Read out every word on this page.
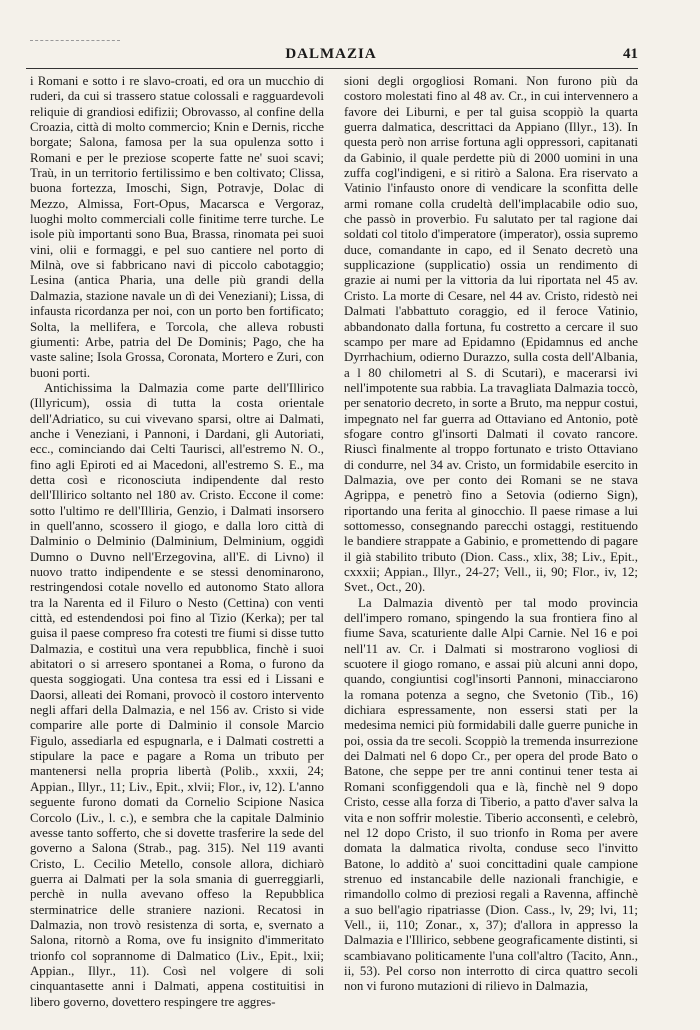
DALMAZIA	41

i Romani e sotto i re slavo-croati, ed ora un mucchio di ruderi, da cui si trassero statue colossali e ragguardevoli reliquie di grandiosi edifizii; Obrovasso, al confine della Croazia, città di molto commercio; Knin e Dernis, ricche borgate; Salona, famosa per la sua opulenza sotto i Romani e per le preziose scoperte fatte ne' suoi scavi; Traù, in un territorio fertilissimo e ben coltivato; Clissa, buona fortezza, Imoschi, Sign, Potravje, Dolac di Mezzo, Almissa, Fort-Opus, Macarsca e Vergoraz, luoghi molto commerciali colle finitime terre turche. Le isole più importanti sono Bua, Brassa, rinomata pei suoi vini, olii e formaggi, e pel suo cantiere nel porto di Milnà, ove si fabbricano navi di piccolo cabotaggio; Lesina (antica Pharia, una delle più grandi della Dalmazia, stazione navale un dì dei Veneziani); Lissa, di infausta ricordanza per noi, con un porto ben fortificato; Solta, la mellifera, e Torcola, che alleva robusti giumenti: Arbe, patria del De Dominis; Pago, che ha vaste saline; Isola Grossa, Coronata, Mortero e Zuri, con buoni porti.

Antichissima la Dalmazia come parte dell'Illirico (Illyricum), ossia di tutta la costa orientale dell'Adriatico, su cui vivevano sparsi, oltre ai Dalmati, anche i Veneziani, i Pannoni, i Dardani, gli Autoriati, ecc., cominciando dai Celti Taurisci, all'estremo N. O., fino agli Epiroti ed ai Macedoni, all'estremo S. E., ma detta così e riconosciuta indipendente dal resto dell'Illirico soltanto nel 180 av. Cristo. Eccone il come: sotto l'ultimo re dell'Illiria, Genzio, i Dalmati insorsero in quell'anno, scossero il giogo, e dalla loro città di Dalminio o Delminio (Dalminium, Delminium, oggidì Dumno o Duvno nell'Erzegovina, all'E. di Livno) il nuovo tratto indipendente e se stessi denominarono, restringendosi cotale novello ed autonomo Stato allora tra la Narenta ed il Filuro o Nesto (Cettina) con venti città, ed estendendosi poi fino al Tizio (Kerka); per tal guisa il paese compreso fra cotesti tre fiumi si disse tutto Dalmazia, e costituì una vera repubblica, finchè i suoi abitatori o si arresero spontanei a Roma, o furono da questa soggiogati. Una contesa tra essi ed i Lissani e Daorsi, alleati dei Romani, provocò il costoro intervento negli affari della Dalmazia, e nel 156 av. Cristo si vide comparire alle porte di Dalminio il console Marcio Figulo, assediarla ed espugnarla, e i Dalmati costretti a stipulare la pace e pagare a Roma un tributo per mantenersi nella propria libertà (Polib., xxxii, 24; Appian., Illyr., 11; Liv., Epit., xlvii; Flor., iv, 12). L'anno seguente furono domati da Cornelio Scipione Nasica Corcolo (Liv., l. c.), e sembra che la capitale Dalminio avesse tanto sofferto, che si dovette trasferire la sede del governo a Salona (Strab., pag. 315). Nel 119 avanti Cristo, L. Cecilio Metello, console allora, dichiarò guerra ai Dalmati per la sola smania di guerreggiarli, perchè in nulla avevano offeso la Repubblica sterminatrice delle straniere nazioni. Recatosi in Dalmazia, non trovò resistenza di sorta, e, svernato a Salona, ritornò a Roma, ove fu insignito d'immeritato trionfo col soprannome di Dalmatico (Liv., Epit., lxii; Appian., Illyr., 11). Così nel volgere di soli cinquantasette anni i Dalmati, appena costituitisi in libero governo, dovettero respingere tre aggres-

sioni degli orgogliosi Romani. Non furono più da costoro molestati fino al 48 av. Cr., in cui intervennero a favore dei Liburni, e per tal guisa scoppiò la quarta guerra dalmatica, descrittaci da Appiano (Illyr., 13). In questa però non arrise fortuna agli oppressori, capitanati da Gabinio, il quale perdette più di 2000 uomini in una zuffa cogl'indigeni, e si ritirò a Salona. Era riservato a Vatinio l'infausto onore di vendicare la sconfitta delle armi romane colla crudeltà dell'implacabile odio suo, che passò in proverbio. Fu salutato per tal ragione dai soldati col titolo d'imperatore (imperator), ossia supremo duce, comandante in capo, ed il Senato decretò una supplicazione (supplicatio) ossia un rendimento di grazie ai numi per la vittoria da lui riportata nel 45 av. Cristo. La morte di Cesare, nel 44 av. Cristo, ridestò nei Dalmati l'abbattuto coraggio, ed il feroce Vatinio, abbandonato dalla fortuna, fu costretto a cercare il suo scampo per mare ad Epidamno (Epidamnus ed anche Dyrrhachium, odierno Durazzo, sulla costa dell'Albania, a l 80 chilometri al S. di Scutari), e macerarsi ivi nell'impotente sua rabbia. La travagliata Dalmazia toccò, per senatorio decreto, in sorte a Bruto, ma neppur costui, impegnato nel far guerra ad Ottaviano ed Antonio, potè sfogare contro gl'insorti Dalmati il covato rancore. Riuscì finalmente al troppo fortunato e tristo Ottaviano di condurre, nel 34 av. Cristo, un formidabile esercito in Dalmazia, ove per conto dei Romani se ne stava Agrippa, e penetrò fino a Setovia (odierno Sign), riportando una ferita al ginocchio. Il paese rimase a lui sottomesso, consegnando parecchi ostaggi, restituendo le bandiere strappate a Gabinio, e promettendo di pagare il già stabilito tributo (Dion. Cass., xlix, 38; Liv., Epit., cxxxii; Appian., Illyr., 24-27; Vell., ii, 90; Flor., iv, 12; Svet., Oct., 20).

La Dalmazia diventò per tal modo provincia dell'impero romano, spingendo la sua frontiera fino al fiume Sava, scaturiente dalle Alpi Carnie. Nel 16 e poi nell'11 av. Cr. i Dalmati si mostrarono vogliosi di scuotere il giogo romano, e assai più alcuni anni dopo, quando, congiuntisi cogl'insorti Pannoni, minacciarono la romana potenza a segno, che Svetonio (Tib., 16) dichiara espressamente, non essersi stati per la medesima nemici più formidabili dalle guerre puniche in poi, ossia da tre secoli. Scoppiò la tremenda insurrezione dei Dalmati nel 6 dopo Cr., per opera del prode Bato o Batone, che seppe per tre anni continui tener testa ai Romani sconfiggendoli qua e là, finchè nel 9 dopo Cristo, cesse alla forza di Tiberio, a patto d'aver salva la vita e non soffrir molestie. Tiberio acconsentì, e celebrò, nel 12 dopo Cristo, il suo trionfo in Roma per avere domata la dalmatica rivolta, conduse seco l'invitto Batone, lo additò a' suoi concittadini quale campione strenuo ed instancabile delle nazionali franchigie, e rimandollo colmo di preziosi regali a Ravenna, affinchè a suo bell'agio ripatriasse (Dion. Cass., lv, 29; lvi, 11; Vell., ii, 110; Zonar., x, 37); d'allora in appresso la Dalmazia e l'Illirico, sebbene geograficamente distinti, si scambiavano politicamente l'una coll'altro (Tacito, Ann., ii, 53). Pel corso non interrotto di circa quattro secoli non vi furono mutazioni di rilievo in Dalmazia,
